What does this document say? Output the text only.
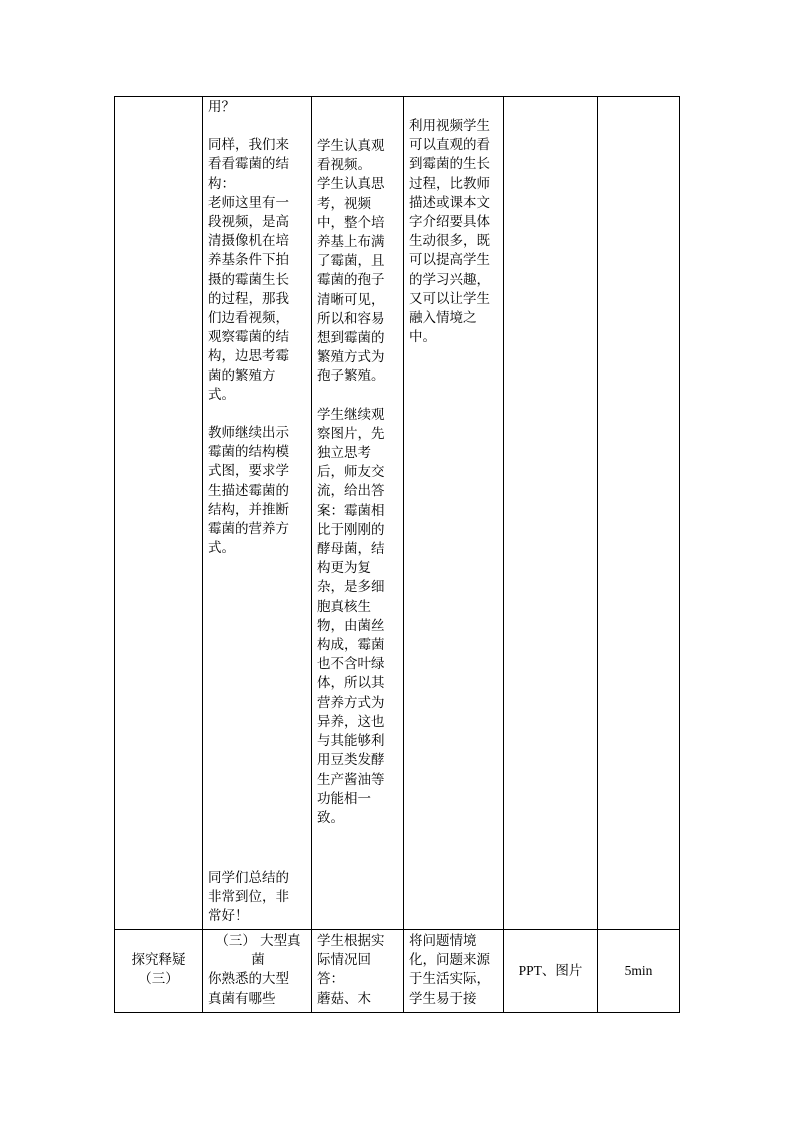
用？

同样，我们来

看看霉菌的结

构：

老师这里有一

段视频，是高

清摄像机在培

养基条件下拍

摄的霉菌生长

的过程，那我

们边看视频，

观察霉菌的结

构，边思考霉

菌的繁殖方

式。

教师继续出示

霉菌的结构模

式图，要求学

生描述霉菌的

结构，并推断

霉菌的营养方

式。

同学们总结的

非常到位，非

常好！

学生认真观

看视频。

学生认真思

考，视频

中，整个培

养基上布满

了霉菌，且

霉菌的孢子

清晰可见，

所以和容易

想到霉菌的

繁殖方式为

孢子繁殖。

学生继续观

察图片，先

独立思考

后，师友交

流，给出答

案：霉菌相

比于刚刚的

酵母菌，结

构更为复

杂，是多细

胞真核生

物，由菌丝

构成，霉菌

也不含叶绿

体，所以其

营养方式为

异养，这也

与其能够利

用豆类发酵

生产酱油等

功能相一

致。

利用视频学生

可以直观的看

到霉菌的生长

过程，比教师

描述或课本文

字介绍要具体

生动很多，既

可以提高学生

的学习兴趣，

又可以让学生

融入情境之

中。

探究释疑

（三）

（三） 大型真

菌

你熟悉的大型

真菌有哪些

学生根据实

际情况回

答：

蘑菇、木

将问题情境

化，问题来源

于生活实际，

学生易于接

PPT、图片	5min
